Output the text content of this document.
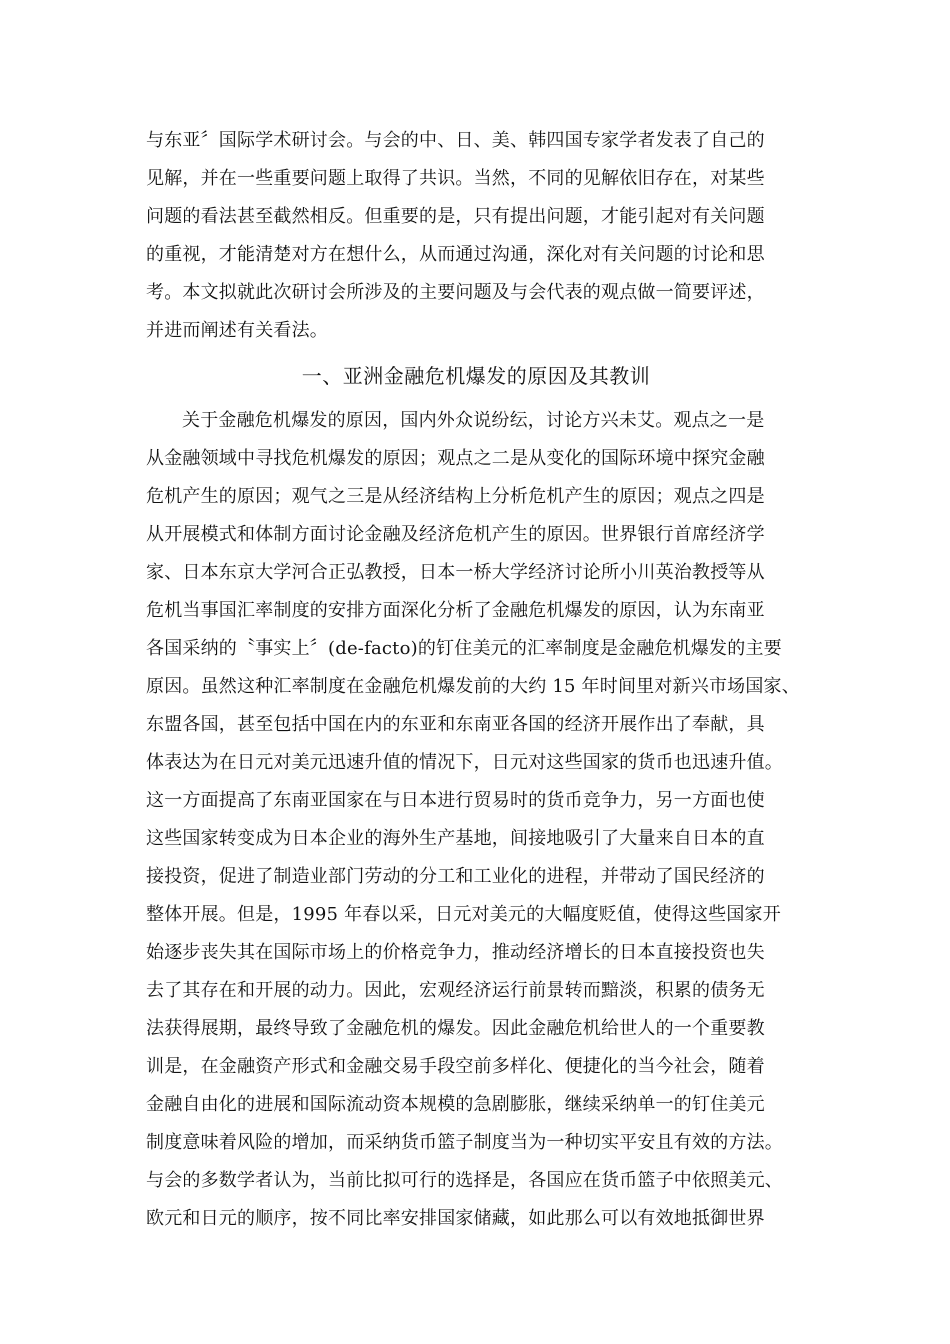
与东亚〞国际学术研讨会。与会的中、日、美、韩四国专家学者发表了自己的
见解，并在一些重要问题上取得了共识。当然，不同的见解依旧存在，对某些
问题的看法甚至截然相反。但重要的是，只有提出问题，才能引起对有关问题
的重视，才能清楚对方在想什么，从而通过沟通，深化对有关问题的讨论和思
考。本文拟就此次研讨会所涉及的主要问题及与会代表的观点做一简要评述，
并进而阐述有关看法。
一、亚洲金融危机爆发的原因及其教训
关于金融危机爆发的原因，国内外众说纷纭，讨论方兴未艾。观点之一是
从金融领域中寻找危机爆发的原因；观点之二是从变化的国际环境中探究金融
危机产生的原因；观气之三是从经济结构上分析危机产生的原因；观点之四是
从开展模式和体制方面讨论金融及经济危机产生的原因。世界银行首席经济学
家、日本东京大学河合正弘教授，日本一桥大学经济讨论所小川英治教授等从
危机当事国汇率制度的安排方面深化分析了金融危机爆发的原因，认为东南亚
各国采纳的〝事实上〞(de-facto)的钉住美元的汇率制度是金融危机爆发的主要
原因。虽然这种汇率制度在金融危机爆发前的大约 15 年时间里对新兴市场国家、
东盟各国，甚至包括中国在内的东亚和东南亚各国的经济开展作出了奉献，具
体表达为在日元对美元迅速升值的情况下，日元对这些国家的货币也迅速升值。
这一方面提高了东南亚国家在与日本进行贸易时的货币竞争力，另一方面也使
这些国家转变成为日本企业的海外生产基地，间接地吸引了大量来自日本的直
接投资，促进了制造业部门劳动的分工和工业化的进程，并带动了国民经济的
整体开展。但是，1995 年春以采，日元对美元的大幅度贬值，使得这些国家开
始逐步丧失其在国际市场上的价格竞争力，推动经济增长的日本直接投资也失
去了其存在和开展的动力。因此，宏观经济运行前景转而黯淡，积累的债务无
法获得展期，最终导致了金融危机的爆发。因此金融危机给世人的一个重要教
训是，在金融资产形式和金融交易手段空前多样化、便捷化的当今社会，随着
金融自由化的进展和国际流动资本规模的急剧膨胀，继续采纳单一的钉住美元
制度意味着风险的增加，而采纳货币篮子制度当为一种切实平安且有效的方法。
与会的多数学者认为，当前比拟可行的选择是，各国应在货币篮子中依照美元、
欧元和日元的顺序，按不同比率安排国家储藏，如此那么可以有效地抵御世界
